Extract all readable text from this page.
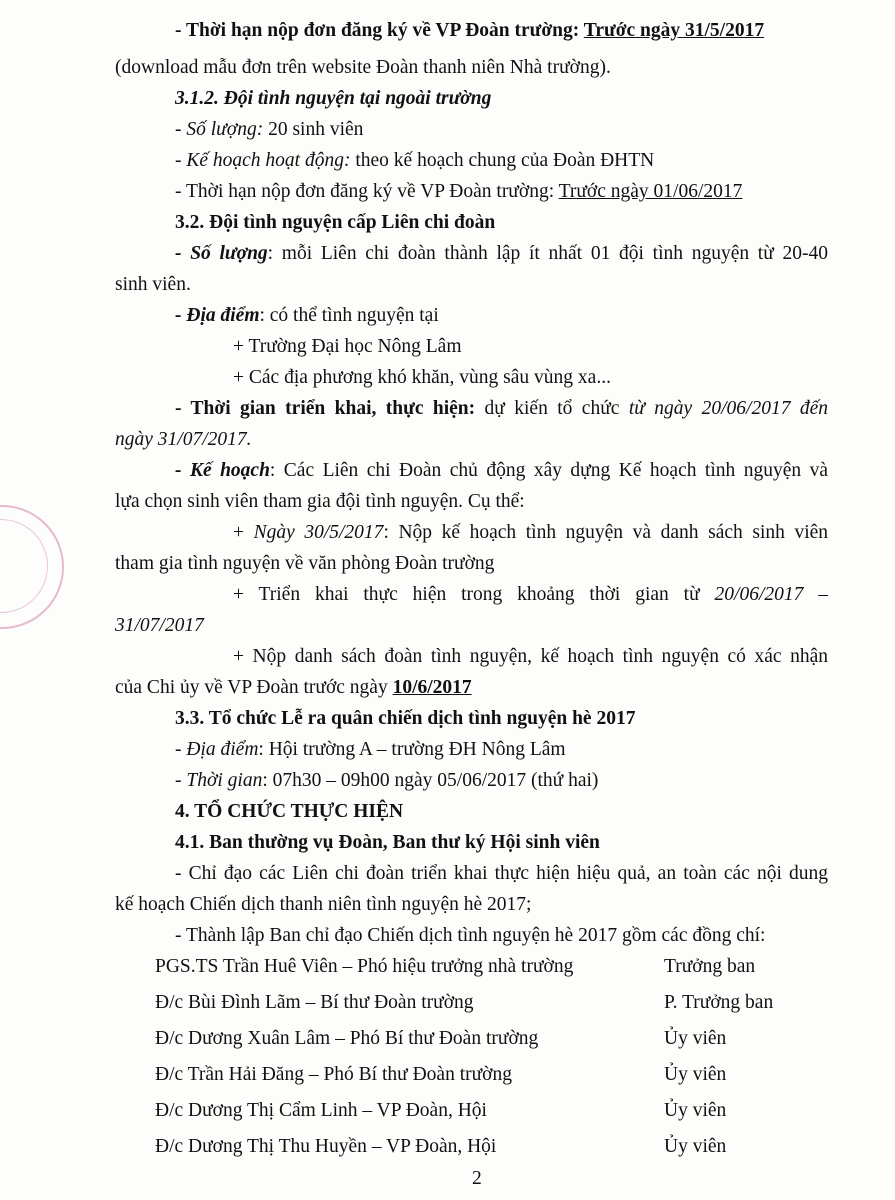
- Thời hạn nộp đơn đăng ký về VP Đoàn trường: Trước ngày 31/5/2017
(download mẫu đơn trên website Đoàn thanh niên Nhà trường).
3.1.2. Đội tình nguyện tại ngoài trường
- Số lượng: 20 sinh viên
- Kế hoạch hoạt động: theo kế hoạch chung của Đoàn ĐHTN
- Thời hạn nộp đơn đăng ký về VP Đoàn trường: Trước ngày 01/06/2017
3.2. Đội tình nguyện cấp Liên chi đoàn
- Số lượng: mỗi Liên chi đoàn thành lập ít nhất 01 đội tình nguyện từ 20-40
sinh viên.
- Địa điểm: có thể tình nguyện tại
+ Trường Đại học Nông Lâm
+ Các địa phương khó khăn, vùng sâu vùng xa...
- Thời gian triển khai, thực hiện: dự kiến tổ chức từ ngày 20/06/2017 đến
ngày 31/07/2017.
- Kế hoạch: Các Liên chi Đoàn chủ động xây dựng Kế hoạch tình nguyện và
lựa chọn sinh viên tham gia đội tình nguyện. Cụ thể:
+ Ngày 30/5/2017: Nộp kế hoạch tình nguyện và danh sách sinh viên
tham gia tình nguyện về văn phòng Đoàn trường
+ Triển khai thực hiện trong khoảng thời gian từ 20/06/2017 –
31/07/2017
+ Nộp danh sách đoàn tình nguyện, kế hoạch tình nguyện có xác nhận
của Chi ủy về VP Đoàn trước ngày 10/6/2017
3.3. Tổ chức Lễ ra quân chiến dịch tình nguyện hè 2017
- Địa điểm: Hội trường A – trường ĐH Nông Lâm
- Thời gian: 07h30 – 09h00 ngày 05/06/2017 (thứ hai)
4. TỔ CHỨC THỰC HIỆN
4.1. Ban thường vụ Đoàn, Ban thư ký Hội sinh viên
- Chỉ đạo các Liên chi đoàn triển khai thực hiện hiệu quả, an toàn các nội dung
kế hoạch Chiến dịch thanh niên tình nguyện hè 2017;
- Thành lập Ban chỉ đạo Chiến dịch tình nguyện hè 2017 gồm các đồng chí:
PGS.TS Trần Huê Viên – Phó hiệu trưởng nhà trường	Trưởng ban
Đ/c Bùi Đình Lãm – Bí thư Đoàn trường	P. Trưởng ban
Đ/c Dương Xuân Lâm – Phó Bí thư Đoàn trường	Ủy viên
Đ/c Trần Hải Đăng – Phó Bí thư Đoàn trường	Ủy viên
Đ/c Dương Thị Cẩm Linh – VP Đoàn, Hội	Ủy viên
Đ/c Dương Thị Thu Huyền – VP Đoàn, Hội	Ủy viên
2
